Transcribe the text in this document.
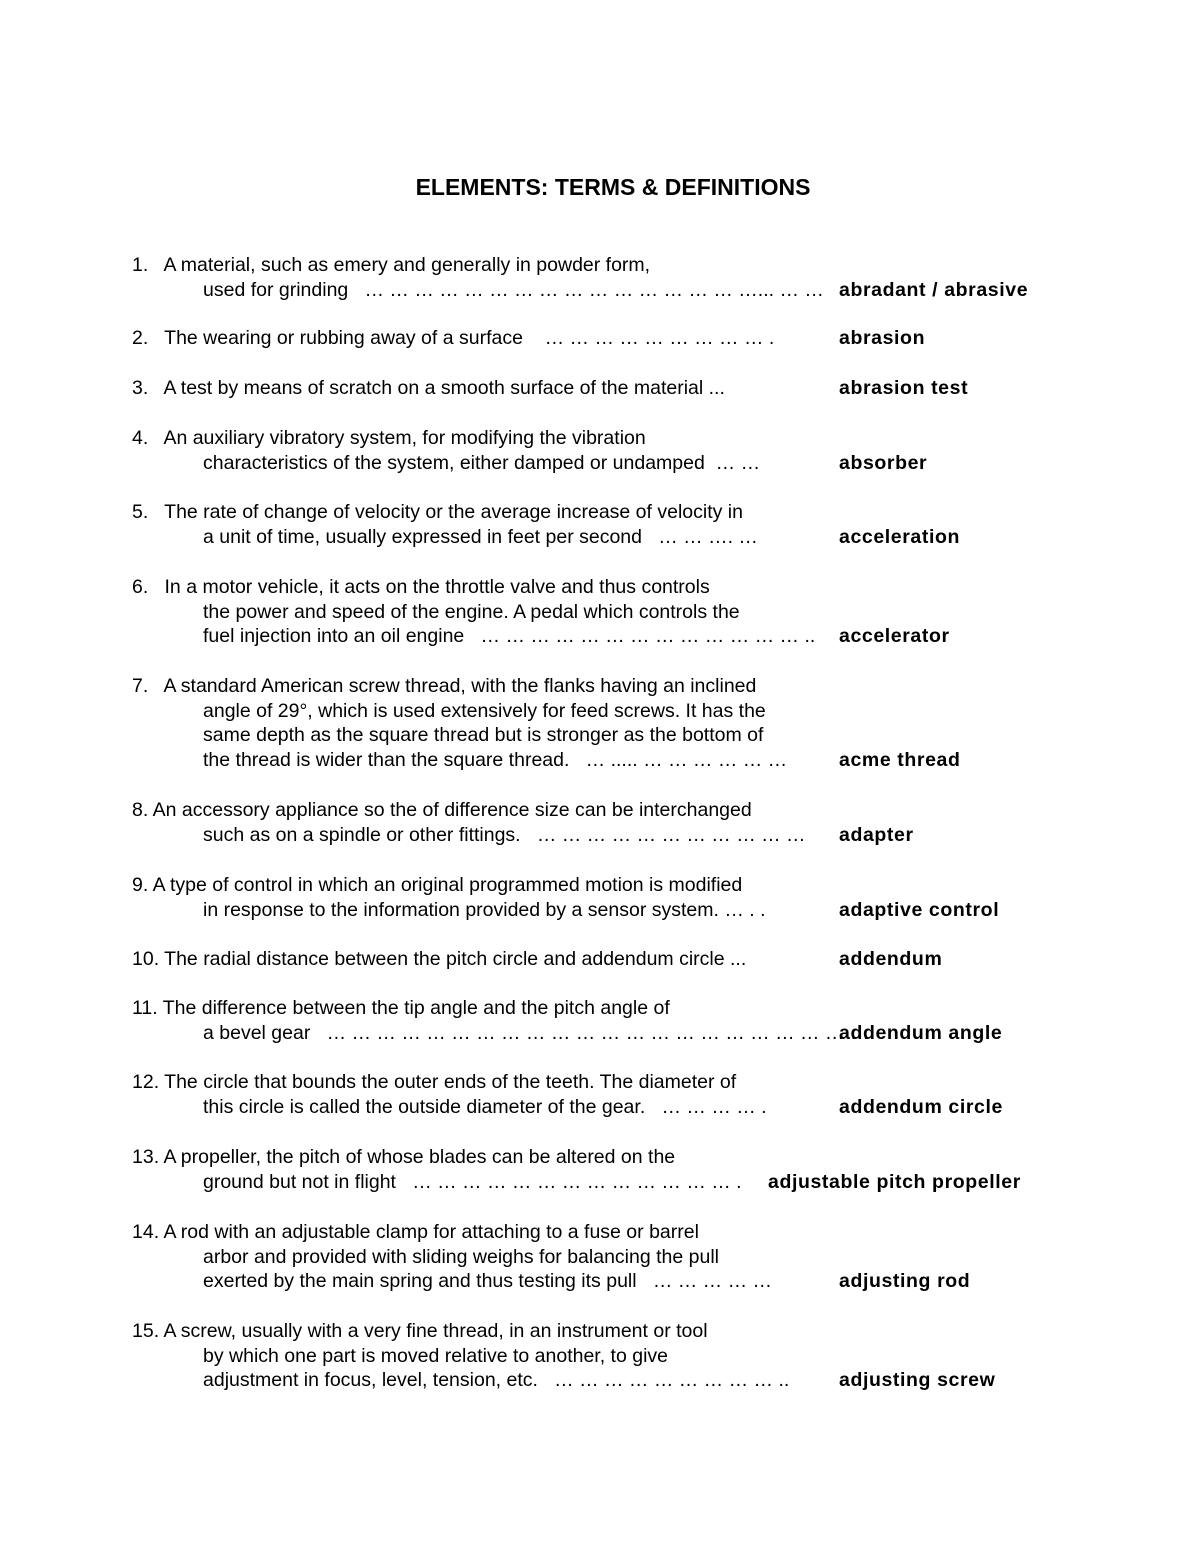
ELEMENTS: TERMS & DEFINITIONS
1.   A material, such as emery and generally in powder form,
used for grinding   … … … … … … … … … … … … … … … …... … … abradant / abrasive
2.   The wearing or rubbing away of a surface    … … … … … … … … … .	abrasion
3.   A test by means of scratch on a smooth surface of the material ...	abrasion test
4.   An auxiliary vibratory system, for modifying the vibration
characteristics of the system, either damped or undamped  … …	absorber
5.   The rate of change of velocity or the average increase of velocity in
a unit of time, usually expressed in feet per second   … … …. …	acceleration
6.   In a motor vehicle, it acts on the throttle valve and thus controls
the power and speed of the engine. A pedal which controls the
fuel injection into an oil engine   … … … … … … … … … … … … … .. accelerator
7.   A standard American screw thread, with the flanks having an inclined
angle of 29°, which is used extensively for feed screws. It has the
same depth as the square thread but is stronger as the bottom of
the thread is wider than the square thread.   … ..... … … … … … …	acme thread
8. An accessory appliance so the of difference size can be interchanged
such as on a spindle or other fittings.   … … … … … … … … … … … adapter
9. A type of control in which an original programmed motion is modified
in response to the information provided by a sensor system. … . .	adaptive control
10. The radial distance between the pitch circle and addendum circle ...	addendum
11. The difference between the tip angle and the pitch angle of
a bevel gear   … … … … … … … … … … … … … … … … … … … … … …
addendum angle
12. The circle that bounds the outer ends of the teeth. The diameter of
this circle is called the outside diameter of the gear.   … … … … .	addendum circle
13. A propeller, the pitch of whose blades can be altered on the
ground but not in flight   … … … … … … … … … … … … … . adjustable pitch propeller
14. A rod with an adjustable clamp for attaching to a fuse or barrel
arbor and provided with sliding weighs for balancing the pull
exerted by the main spring and thus testing its pull   … … … … …	adjusting rod
15. A screw, usually with a very fine thread, in an instrument or tool
by which one part is moved relative to another, to give
adjustment in focus, level, tension, etc.   … … … … … … … … … ..	adjusting screw
